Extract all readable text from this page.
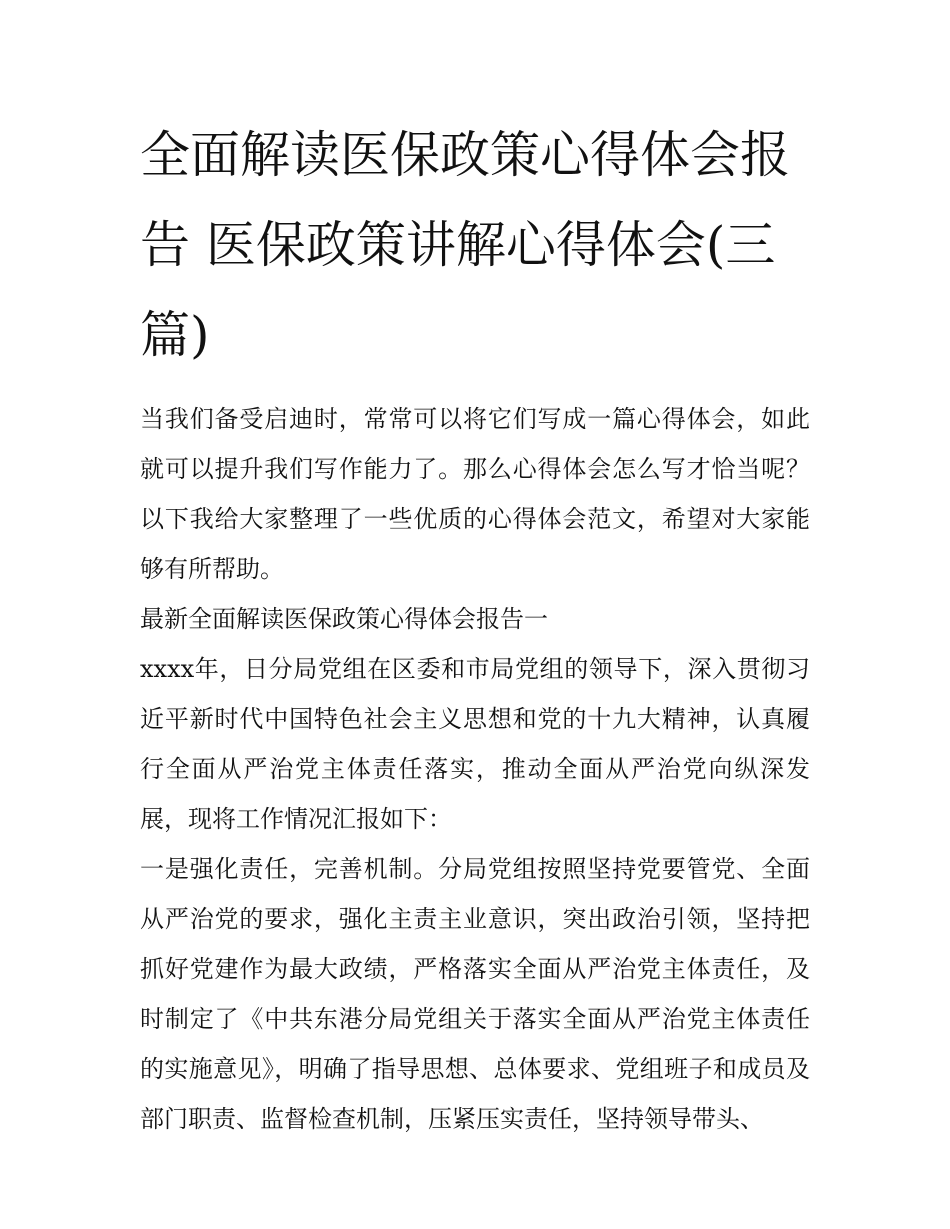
全面解读医保政策心得体会报告 医保政策讲解心得体会(三篇)

当我们备受启迪时，常常可以将它们写成一篇心得体会，如此就可以提升我们写作能力了。那么心得体会怎么写才恰当呢？以下我给大家整理了一些优质的心得体会范文，希望对大家能够有所帮助。

最新全面解读医保政策心得体会报告一

xxxx年，日分局党组在区委和市局党组的领导下，深入贯彻习近平新时代中国特色社会主义思想和党的十九大精神，认真履行全面从严治党主体责任落实，推动全面从严治党向纵深发展，现将工作情况汇报如下：

一是强化责任，完善机制。分局党组按照坚持党要管党、全面从严治党的要求，强化主责主业意识，突出政治引领，坚持把抓好党建作为最大政绩，严格落实全面从严治党主体责任，及时制定了《中共东港分局党组关于落实全面从严治党主体责任的实施意见》，明确了指导思想、总体要求、党组班子和成员及部门职责、监督检查机制，压紧压实责任，坚持领导带头、
